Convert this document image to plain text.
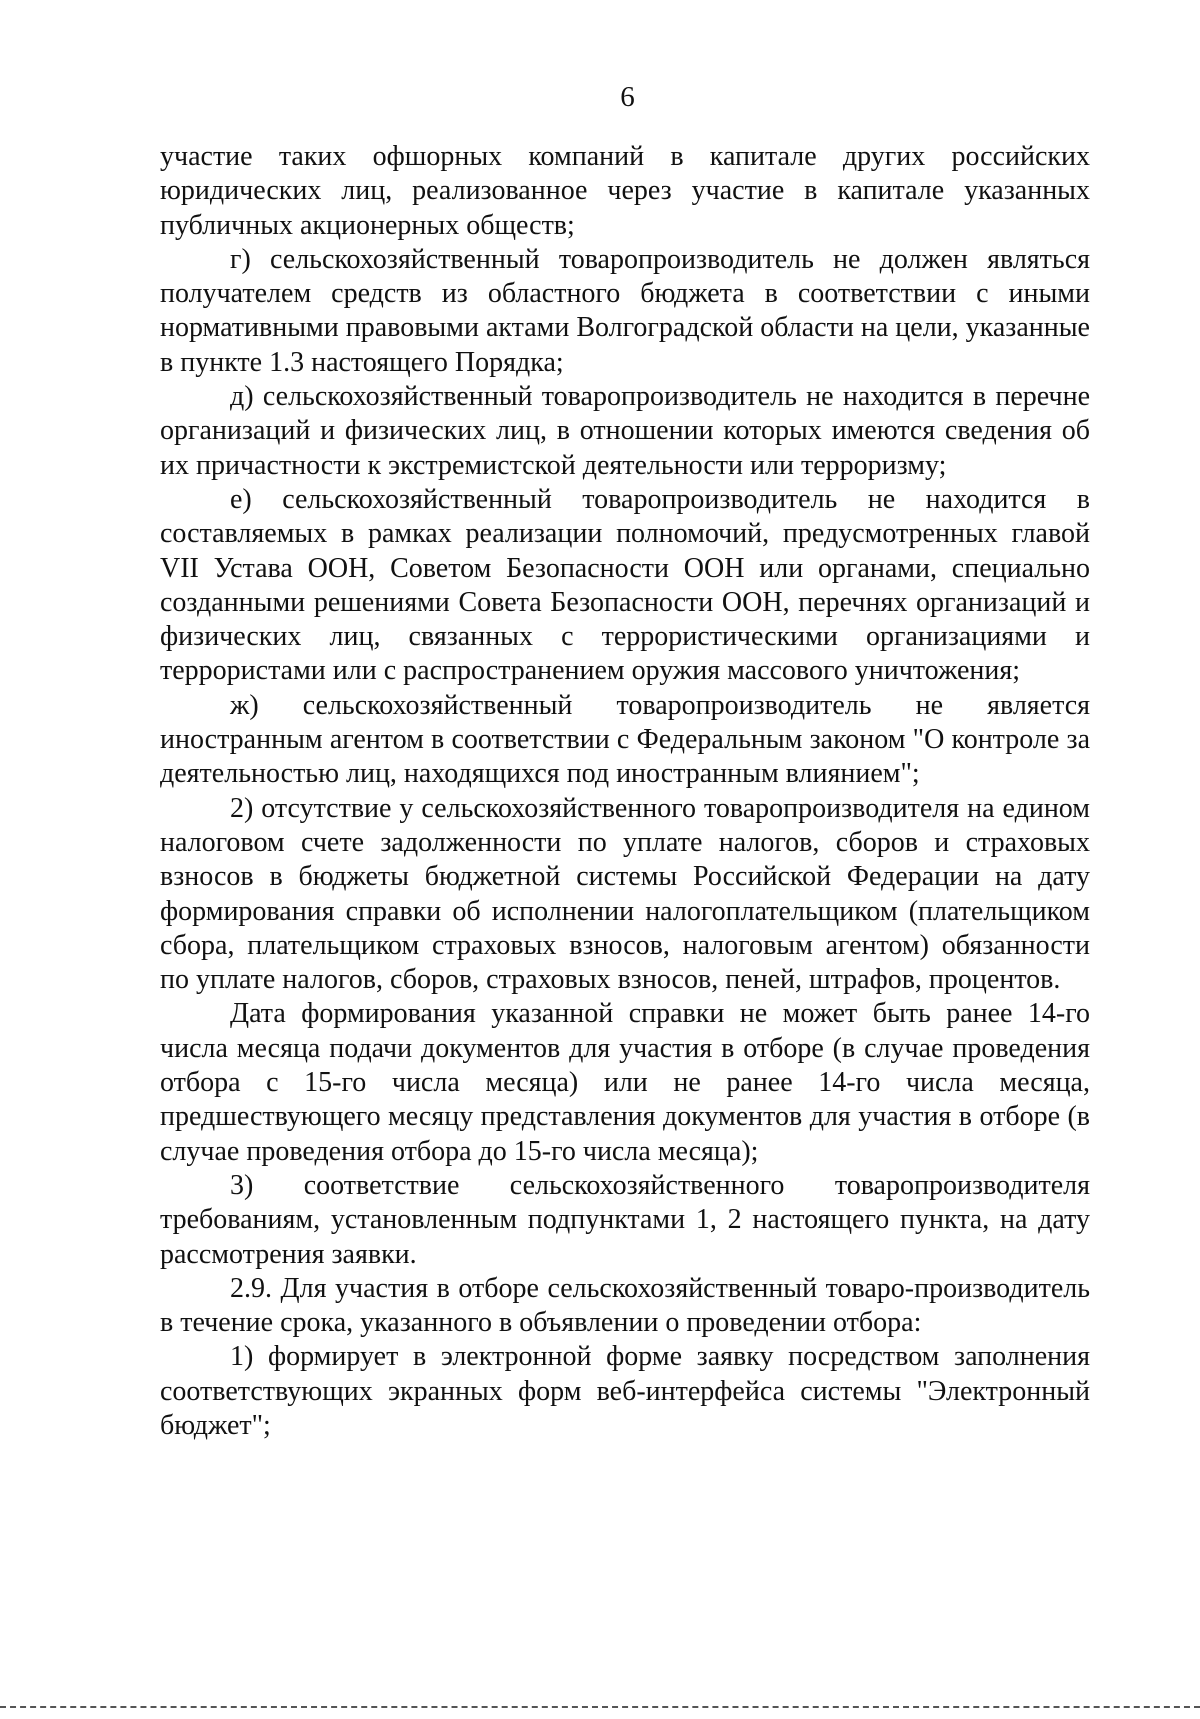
6

участие таких офшорных компаний в капитале других российских юридических лиц, реализованное через участие в капитале указанных публичных акционерных обществ;

г) сельскохозяйственный товаропроизводитель не должен являться получателем средств из областного бюджета в соответствии с иными нормативными правовыми актами Волгоградской области на цели, указанные в пункте 1.3 настоящего Порядка;

д) сельскохозяйственный товаропроизводитель не находится в перечне организаций и физических лиц, в отношении которых имеются сведения об их причастности к экстремистской деятельности или терроризму;

е) сельскохозяйственный товаропроизводитель не находится в составляемых в рамках реализации полномочий, предусмотренных главой VII Устава ООН, Советом Безопасности ООН или органами, специально созданными решениями Совета Безопасности ООН, перечнях организаций и физических лиц, связанных с террористическими организациями и террористами или с распространением оружия массового уничтожения;

ж) сельскохозяйственный товаропроизводитель не является иностранным агентом в соответствии с Федеральным законом "О контроле за деятельностью лиц, находящихся под иностранным влиянием";

2) отсутствие у сельскохозяйственного товаропроизводителя на едином налоговом счете задолженности по уплате налогов, сборов и страховых взносов в бюджеты бюджетной системы Российской Федерации на дату формирования справки об исполнении налогоплательщиком (плательщиком сбора, плательщиком страховых взносов, налоговым агентом) обязанности по уплате налогов, сборов, страховых взносов, пеней, штрафов, процентов.

Дата формирования указанной справки не может быть ранее 14-го числа месяца подачи документов для участия в отборе (в случае проведения отбора с 15-го числа месяца) или не ранее 14-го числа месяца, предшествующего месяцу представления документов для участия в отборе (в случае проведения отбора до 15-го числа месяца);

3) соответствие сельскохозяйственного товаропроизводителя требованиям, установленным подпунктами 1, 2 настоящего пункта, на дату рассмотрения заявки.

2.9. Для участия в отборе сельскохозяйственный товаро-производитель в течение срока, указанного в объявлении о проведении отбора:

1) формирует в электронной форме заявку посредством заполнения соответствующих экранных форм веб-интерфейса системы "Электронный бюджет";
